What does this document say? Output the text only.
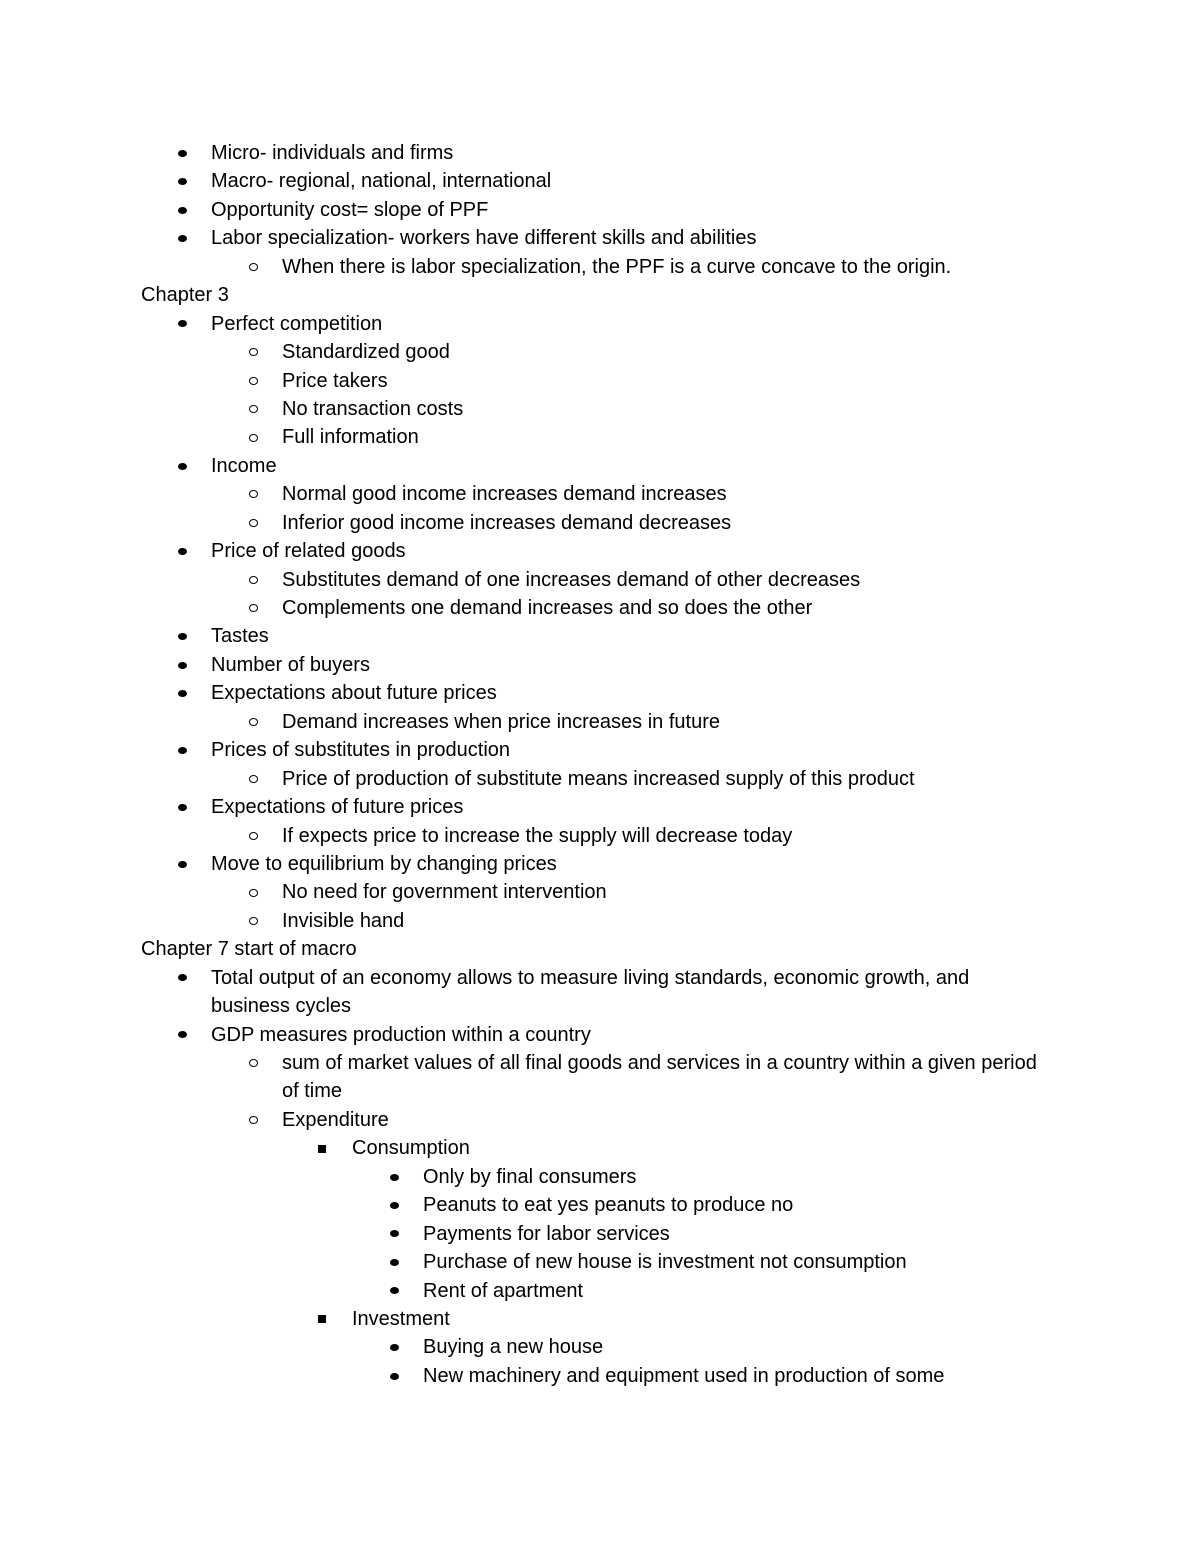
Micro- individuals and firms
Macro- regional, national, international
Opportunity cost= slope of PPF
Labor specialization- workers have different skills and abilities
When there is labor specialization, the PPF is a curve concave to the origin.
Chapter 3
Perfect competition
Standardized good
Price takers
No transaction costs
Full information
Income
Normal good income increases demand increases
Inferior good income increases demand decreases
Price of related goods
Substitutes demand of one increases demand of other decreases
Complements one demand increases and so does the other
Tastes
Number of buyers
Expectations about future prices
Demand increases when price increases in future
Prices of substitutes in production
Price of production of substitute means increased supply of this product
Expectations of future prices
If expects price to increase the supply will decrease today
Move to equilibrium by changing prices
No need for government intervention
Invisible hand
Chapter 7 start of macro
Total output of an economy allows to measure living standards, economic growth, and business cycles
GDP measures production within a country
sum of market values of all final goods and services in a country within a given period of time
Expenditure
Consumption
Only by final consumers
Peanuts to eat yes peanuts to produce no
Payments for labor services
Purchase of new house is investment not consumption
Rent of apartment
Investment
Buying a new house
New machinery and equipment used in production of some
